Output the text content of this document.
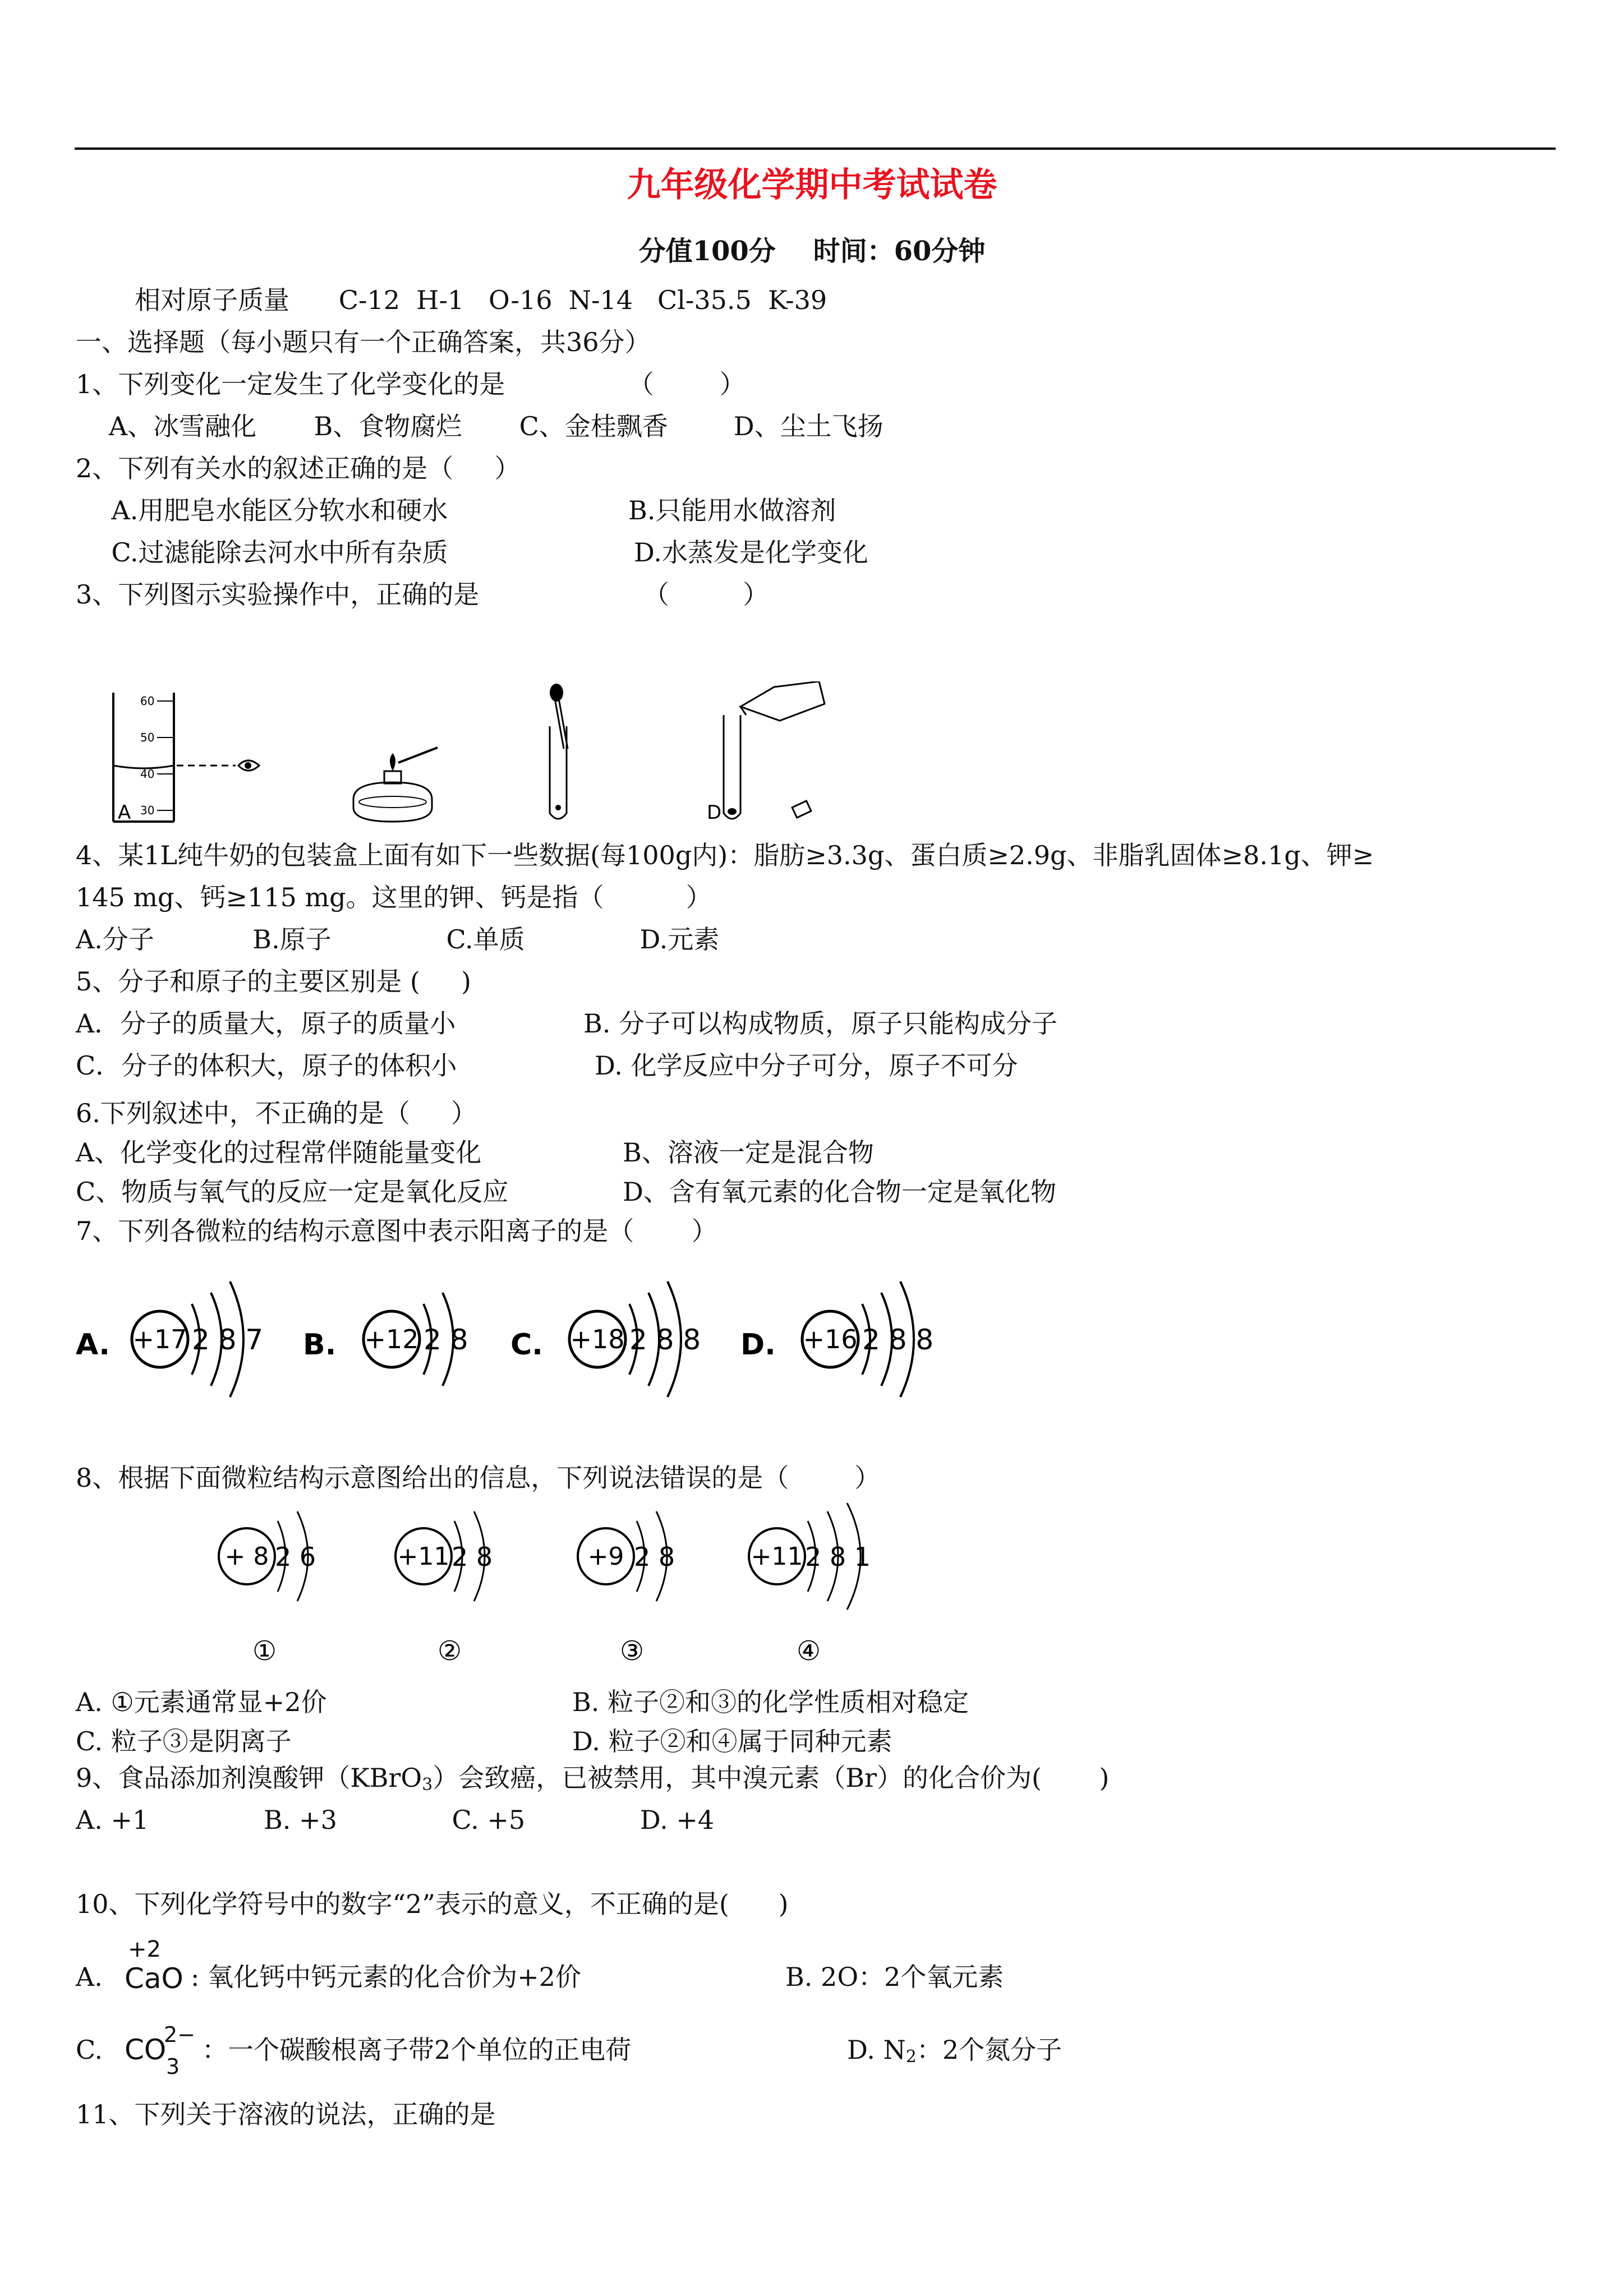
九年级化学期中考试试卷
分值100分    时间：60分钟
相对原子质量      C-12  H-1   O-16  N-14   Cl-35.5  K-39
一、选择题（每小题只有一个正确答案，共36分）
1、下列变化一定发生了化学变化的是               （        ）
A、冰雪融化       B、食物腐烂       C、金桂飘香        D、尘土飞扬
2、下列有关水的叙述正确的是（     ）
A.用肥皂水能区分软水和硬水	B.只能用水做溶剂
C.过滤能除去河水中所有杂质	D.水蒸发是化学变化
3、下列图示实验操作中，正确的是                    （         ）
60
50
40
30
A	D
4、某1L纯牛奶的包装盒上面有如下一些数据(每100g内)：脂肪≥3.3g、蛋白质≥2.9g、非脂乳固体≥8.1g、钾≥
145 mg、钙≥115 mg。这里的钾、钙是指（          ）
A.分子            B.原子              C.单质              D.元素
5、分子和原子的主要区别是 (     )
A．分子的质量大，原子的质量小	B. 分子可以构成物质，原子只能构成分子
C．分子的体积大，原子的体积小	D. 化学反应中分子可分，原子不可分
6.下列叙述中，不正确的是（     ）
A、化学变化的过程常伴随能量变化	B、溶液一定是混合物
C、物质与氧气的反应一定是氧化反应	D、含有氧元素的化合物一定是氧化物
7、下列各微粒的结构示意图中表示阳离子的是（       ）
A. +17 2 8 7 B. +12 2 8 C. +18 2 8 8 D. +16 2 8 8
8、根据下面微粒结构示意图给出的信息，下列说法错误的是（        ）
+ 8 2 6
①
+11 2 8
②
+9 2 8
③
+11 2 8 1
④
A. ①元素通常显+2价	B. 粒子②和③的化学性质相对稳定
C. 粒子③是阴离子	D. 粒子②和④属于同种元素
9、食品添加剂溴酸钾（KBrO$_3$）会致癌，已被禁用，其中溴元素（Br）的化合价为(       )
A. +1              B. +3              C. +5              D. +4
10、下列化学符号中的数字“2”表示的意义，不正确的是(      )
A.
+2
CaO : 氧化钙中钙元素的化合价为+2价	B. 2O：2个氧元素
C. CO
3
2− ：一个碳酸根离子带2个单位的正电荷	D. $N_2$：2个氮分子
11、下列关于溶液的说法，正确的是
